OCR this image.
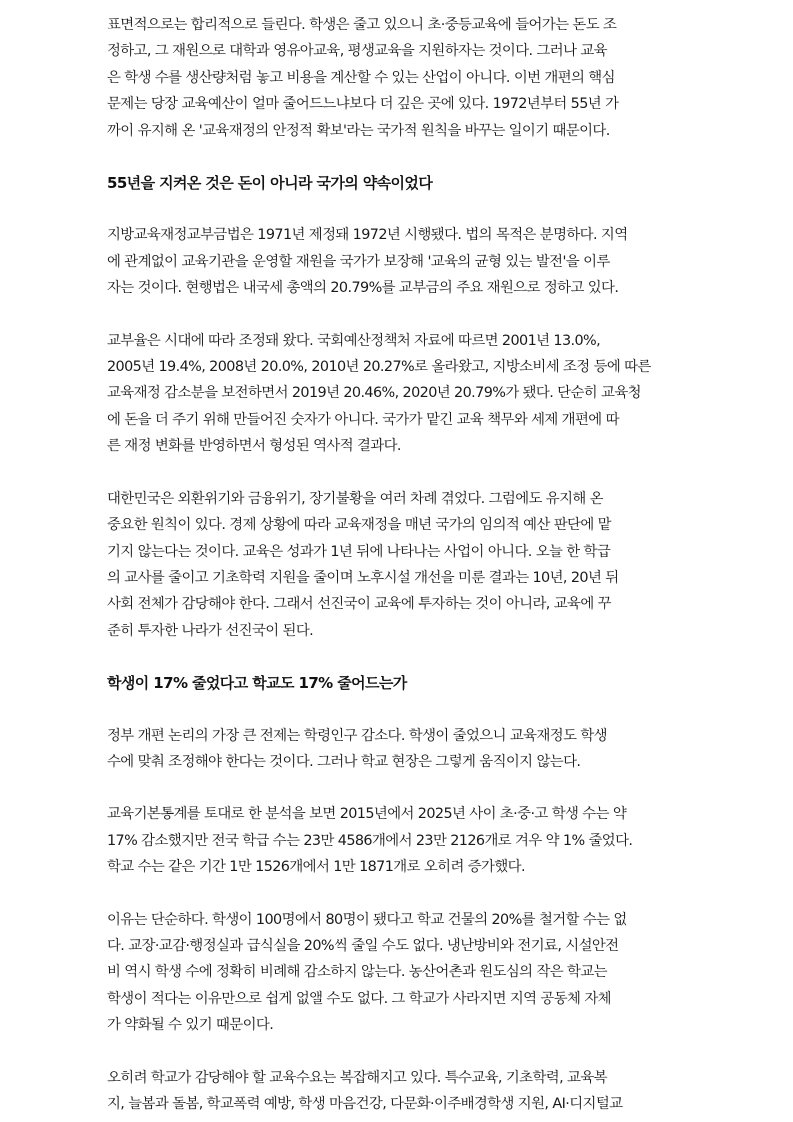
표면적으로는 합리적으로 들린다. 학생은 줄고 있으니 초·중등교육에 들어가는 돈도 조
정하고, 그 재원으로 대학과 영유아교육, 평생교육을 지원하자는 것이다. 그러나 교육
은 학생 수를 생산량처럼 놓고 비용을 계산할 수 있는 산업이 아니다. 이번 개편의 핵심
문제는 당장 교육예산이 얼마 줄어드느냐보다 더 깊은 곳에 있다. 1972년부터 55년 가
까이 유지해 온 '교육재정의 안정적 확보'라는 국가적 원칙을 바꾸는 일이기 때문이다.
55년을 지켜온 것은 돈이 아니라 국가의 약속이었다
지방교육재정교부금법은 1971년 제정돼 1972년 시행됐다. 법의 목적은 분명하다. 지역
에 관계없이 교육기관을 운영할 재원을 국가가 보장해 '교육의 균형 있는 발전'을 이루
자는 것이다. 현행법은 내국세 총액의 20.79%를 교부금의 주요 재원으로 정하고 있다.
교부율은 시대에 따라 조정돼 왔다. 국회예산정책처 자료에 따르면 2001년 13.0%,
2005년 19.4%, 2008년 20.0%, 2010년 20.27%로 올라왔고, 지방소비세 조정 등에 따른
교육재정 감소분을 보전하면서 2019년 20.46%, 2020년 20.79%가 됐다. 단순히 교육청
에 돈을 더 주기 위해 만들어진 숫자가 아니다. 국가가 맡긴 교육 책무와 세제 개편에 따
른 재정 변화를 반영하면서 형성된 역사적 결과다.
대한민국은 외환위기와 금융위기, 장기불황을 여러 차례 겪었다. 그럼에도 유지해 온
중요한 원칙이 있다. 경제 상황에 따라 교육재정을 매년 국가의 임의적 예산 판단에 맡
기지 않는다는 것이다. 교육은 성과가 1년 뒤에 나타나는 사업이 아니다. 오늘 한 학급
의 교사를 줄이고 기초학력 지원을 줄이며 노후시설 개선을 미룬 결과는 10년, 20년 뒤
사회 전체가 감당해야 한다. 그래서 선진국이 교육에 투자하는 것이 아니라, 교육에 꾸
준히 투자한 나라가 선진국이 된다.
학생이 17% 줄었다고 학교도 17% 줄어드는가
정부 개편 논리의 가장 큰 전제는 학령인구 감소다. 학생이 줄었으니 교육재정도 학생
수에 맞춰 조정해야 한다는 것이다. 그러나 학교 현장은 그렇게 움직이지 않는다.
교육기본통계를 토대로 한 분석을 보면 2015년에서 2025년 사이 초·중·고 학생 수는 약
17% 감소했지만 전국 학급 수는 23만 4586개에서 23만 2126개로 겨우 약 1% 줄었다.
학교 수는 같은 기간 1만 1526개에서 1만 1871개로 오히려 증가했다.
이유는 단순하다. 학생이 100명에서 80명이 됐다고 학교 건물의 20%를 철거할 수는 없
다. 교장·교감·행정실과 급식실을 20%씩 줄일 수도 없다. 냉난방비와 전기료, 시설안전
비 역시 학생 수에 정확히 비례해 감소하지 않는다. 농산어촌과 원도심의 작은 학교는
학생이 적다는 이유만으로 쉽게 없앨 수도 없다. 그 학교가 사라지면 지역 공동체 자체
가 약화될 수 있기 때문이다.
오히려 학교가 감당해야 할 교육수요는 복잡해지고 있다. 특수교육, 기초학력, 교육복
지, 늘봄과 돌봄, 학교폭력 예방, 학생 마음건강, 다문화·이주배경학생 지원, AI·디지털교
